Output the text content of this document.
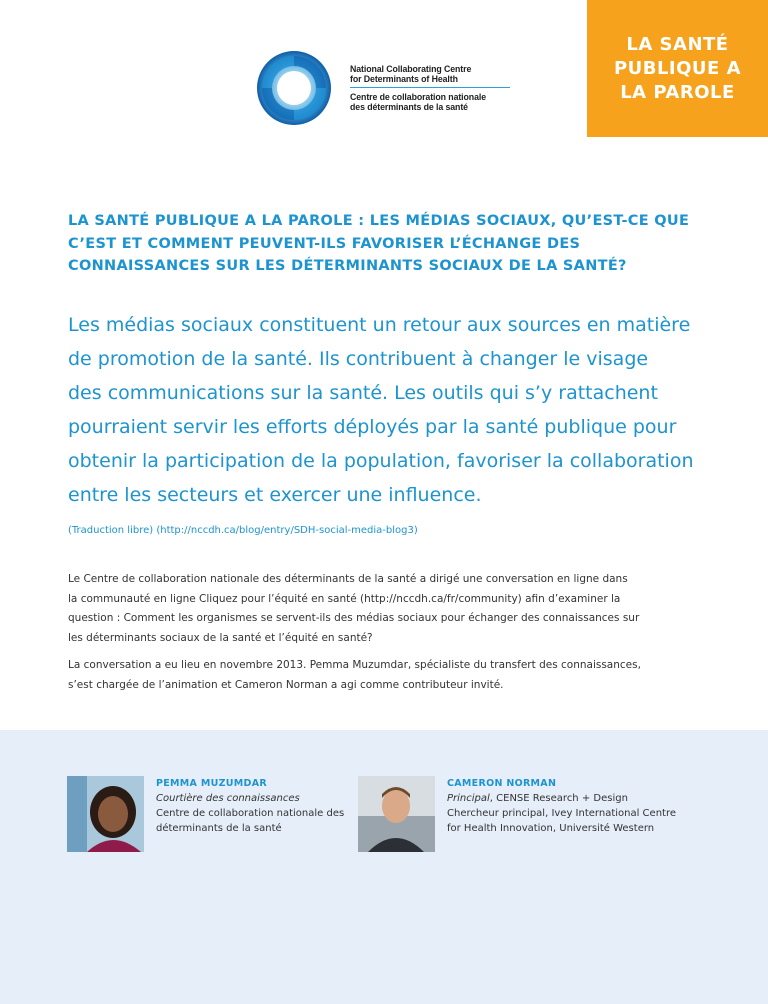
LA SANTÉ
PUBLIQUE A
LA PAROLE
National Collaborating Centre
for Determinants of Health
Centre de collaboration nationale
des déterminants de la santé
LA SANTÉ PUBLIQUE A LA PAROLE : LES MÉDIAS SOCIAUX, QU’EST-CE QUE C’EST ET COMMENT PEUVENT-ILS FAVORISER L’ÉCHANGE DES CONNAISSANCES SUR LES DÉTERMINANTS SOCIAUX DE LA SANTÉ?
Les médias sociaux constituent un retour aux sources en matière
de promotion de la santé. Ils contribuent à changer le visage
des communications sur la santé. Les outils qui s’y rattachent
pourraient servir les efforts déployés par la santé publique pour
obtenir la participation de la population, favoriser la collaboration
entre les secteurs et exercer une influence.
(Traduction libre) (http://nccdh.ca/blog/entry/SDH-social-media-blog3)

Le Centre de collaboration nationale des déterminants de la santé a dirigé une conversation en ligne dans
la communauté en ligne Cliquez pour l’équité en santé (http://nccdh.ca/fr/community) afin d’examiner la
question : Comment les organismes se servent-ils des médias sociaux pour échanger des connaissances sur
les déterminants sociaux de la santé et l’équité en santé?

La conversation a eu lieu en novembre 2013. Pemma Muzumdar, spécialiste du transfert des connaissances,
s’est chargée de l’animation et Cameron Norman a agi comme contributeur invité.

PEMMA MUZUMDAR
Courtière des connaissances
Centre de collaboration nationale des
déterminants de la santé
CAMERON NORMAN
Principal, CENSE Research + Design
Chercheur principal, Ivey International Centre
for Health Innovation, Université Western
